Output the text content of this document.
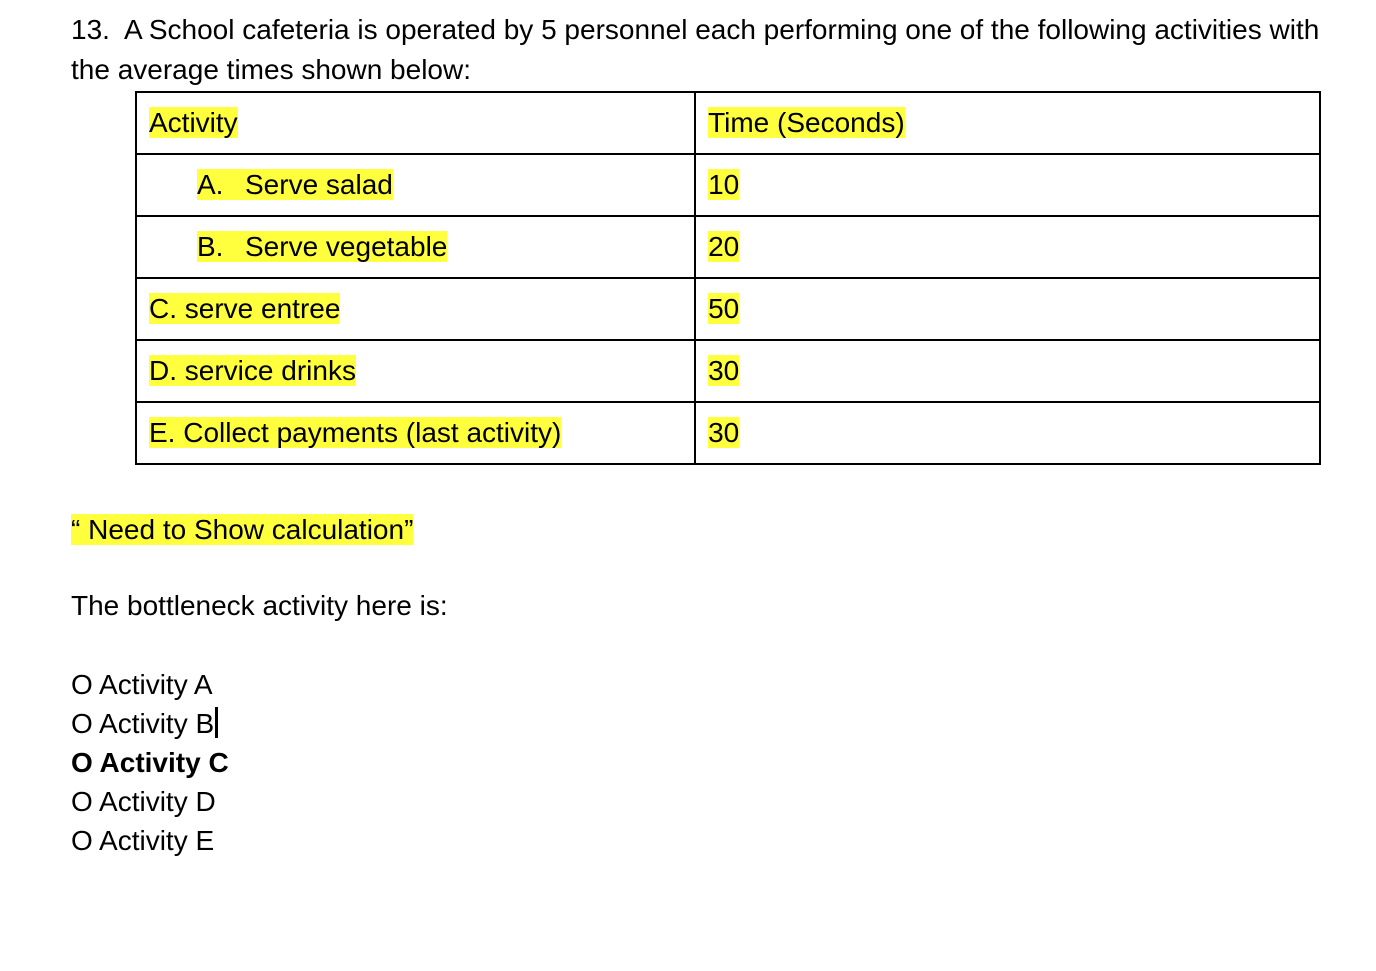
13. A School cafeteria is operated by 5 personnel each performing one of the following activities with the average times shown below:
Activity	Time (Seconds)
A. Serve salad	10
B. Serve vegetable	20
C. serve entree	50
D. service drinks	30
E. Collect payments (last activity)	30
“ Need to Show calculation”
The bottleneck activity here is:
O Activity A
O Activity B
O Activity C
O Activity D
O Activity E
